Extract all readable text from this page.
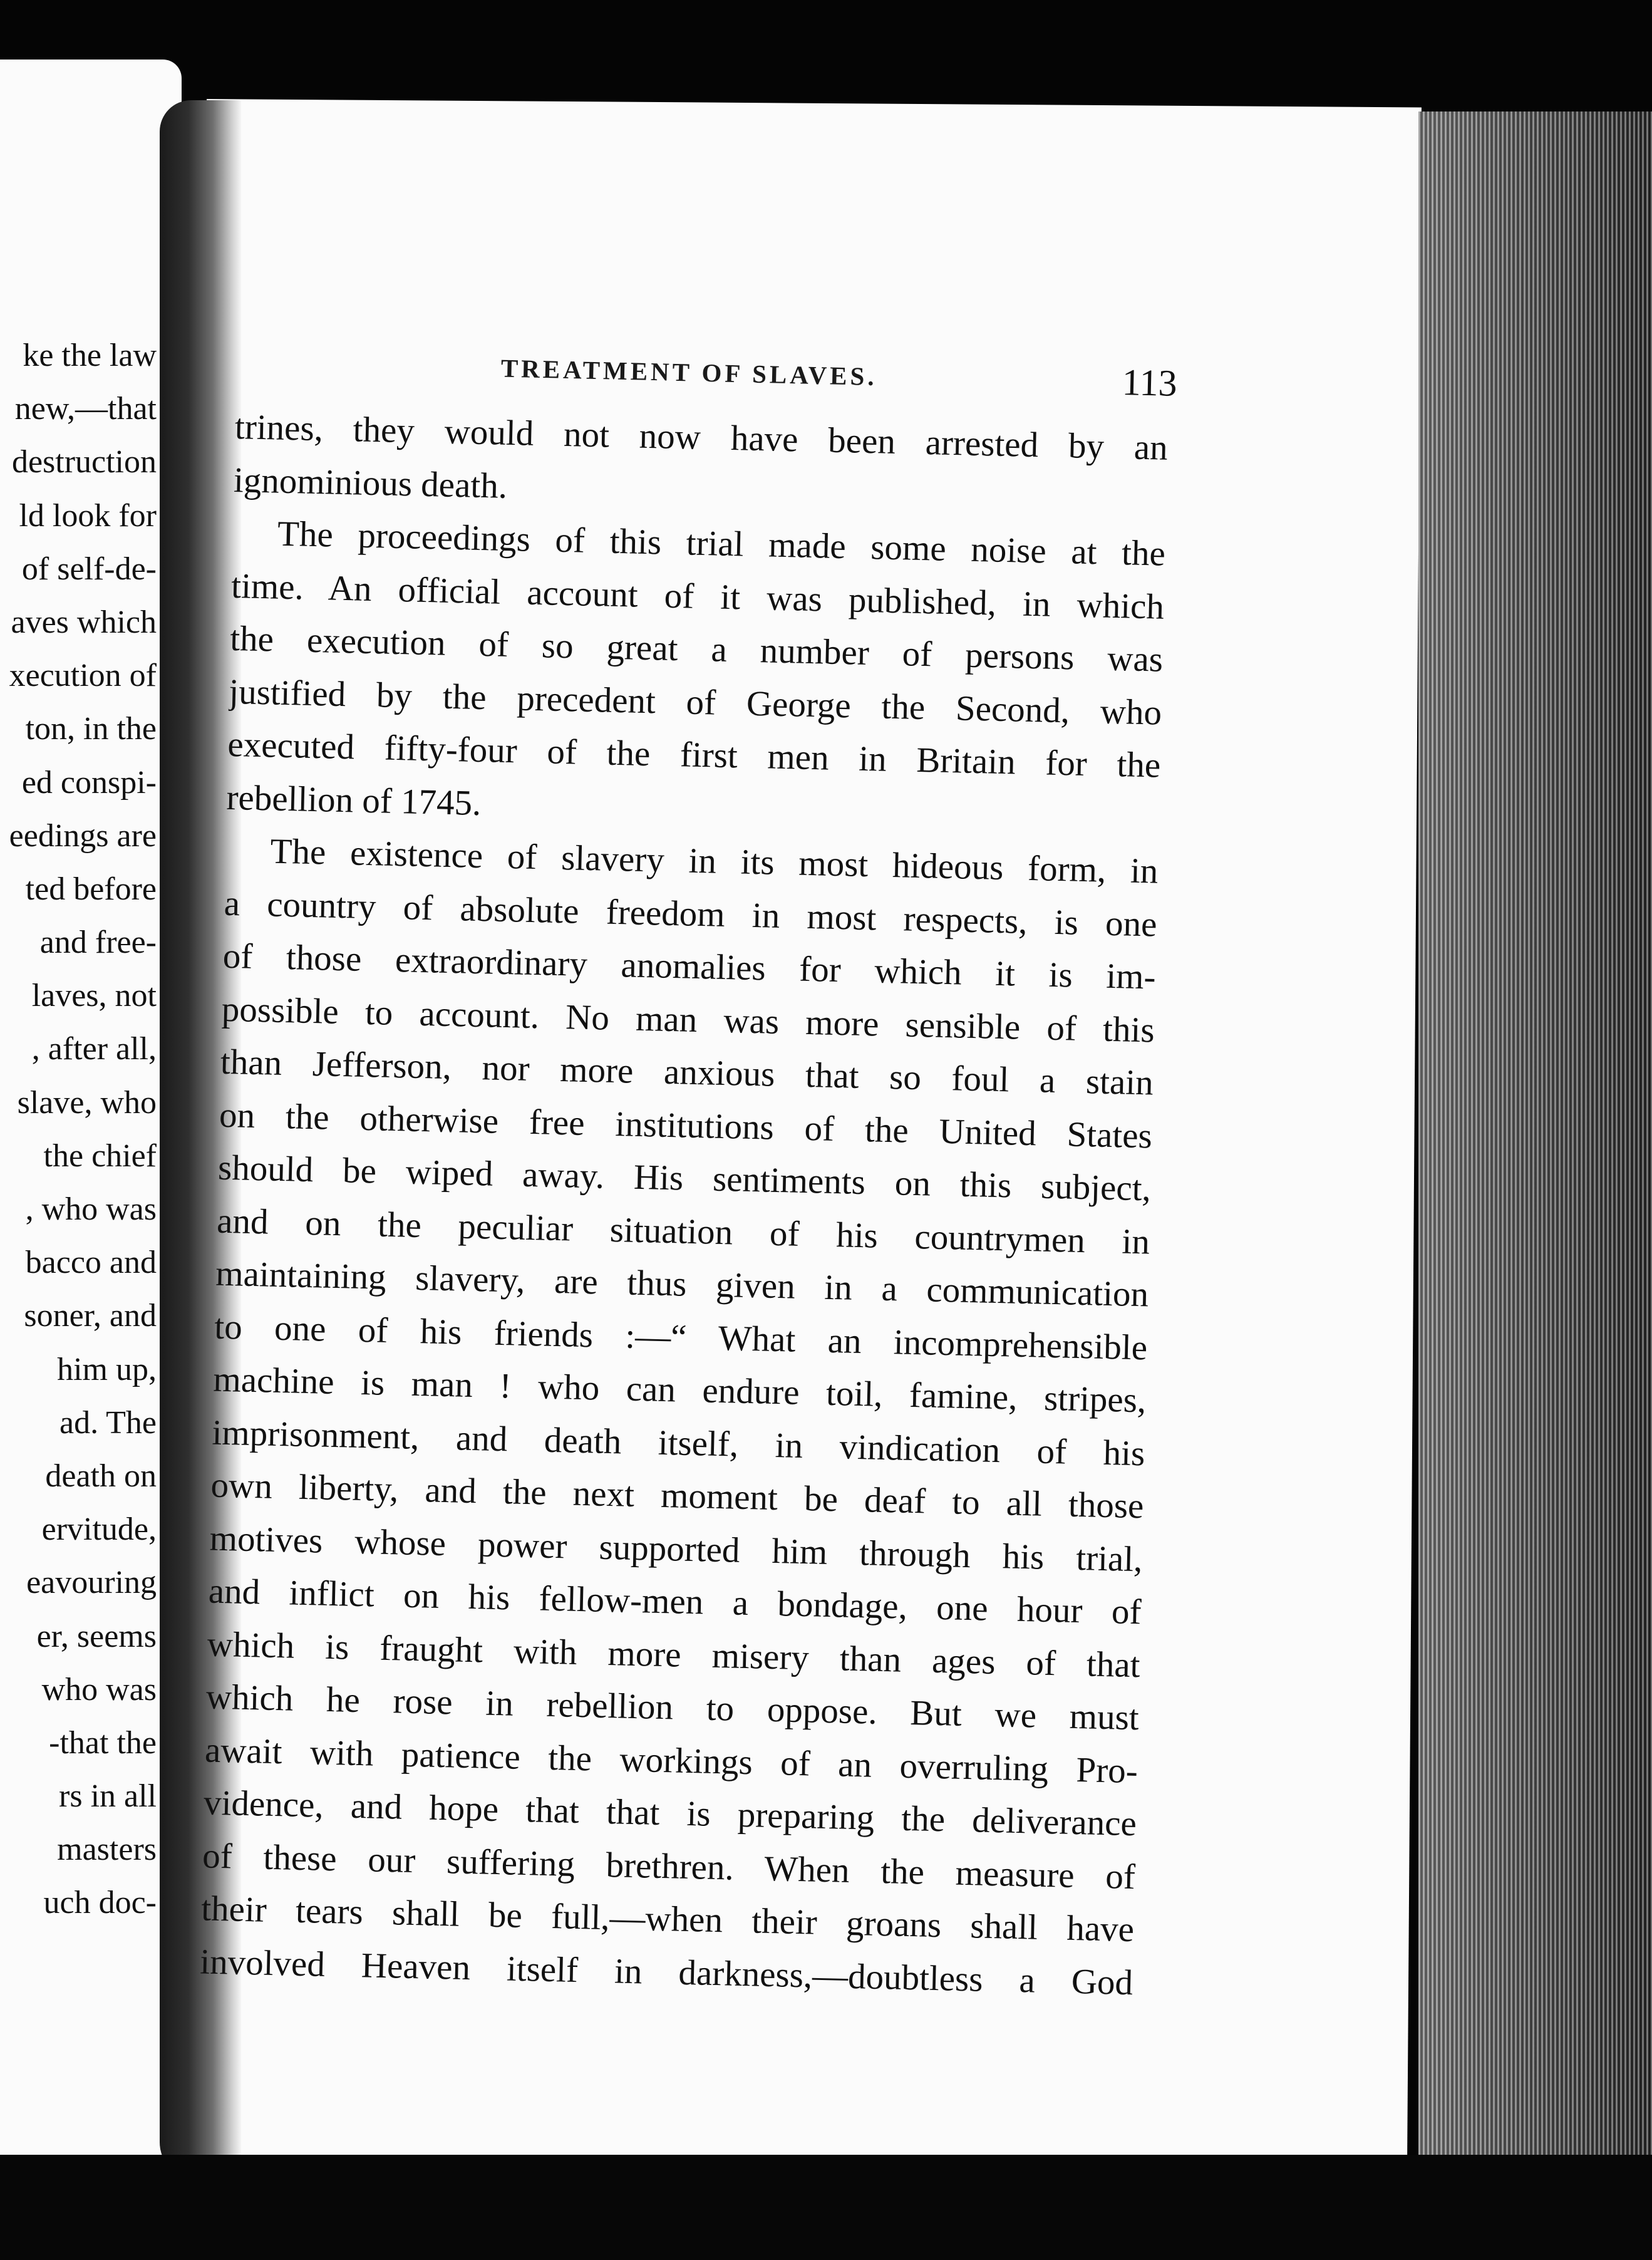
ke the law
new,—that
destruction
ld look for
of self-de-
aves which
xecution of
ton, in the
ed conspi-
eedings are
ted before
and free-
laves, not
, after all,
slave, who
the chief
, who was
bacco and
soner, and
him up,
ad. The
death on
ervitude,
eavouring
er, seems
who was
-that the
rs in all
masters
uch doc-
TREATMENT OF SLAVES.	113
trines, they would not now have been arrested by an
ignominious death.
The proceedings of this trial made some noise at the
time. An official account of it was published, in which
the execution of so great a number of persons was
justified by the precedent of George the Second, who
executed fifty-four of the first men in Britain for the
rebellion of 1745.
The existence of slavery in its most hideous form, in
a country of absolute freedom in most respects, is one
of those extraordinary anomalies for which it is im-
possible to account. No man was more sensible of this
than Jefferson, nor more anxious that so foul a stain
on the otherwise free institutions of the United States
should be wiped away. His sentiments on this subject,
and on the peculiar situation of his countrymen in
maintaining slavery, are thus given in a communication
to one of his friends :—“ What an incomprehensible
machine is man ! who can endure toil, famine, stripes,
imprisonment, and death itself, in vindication of his
own liberty, and the next moment be deaf to all those
motives whose power supported him through his trial,
and inflict on his fellow-men a bondage, one hour of
which is fraught with more misery than ages of that
which he rose in rebellion to oppose. But we must
await with patience the workings of an overruling Pro-
vidence, and hope that that is preparing the deliverance
of these our suffering brethren. When the measure of
their tears shall be full,—when their groans shall have
involved Heaven itself in darkness,—doubtless a God
